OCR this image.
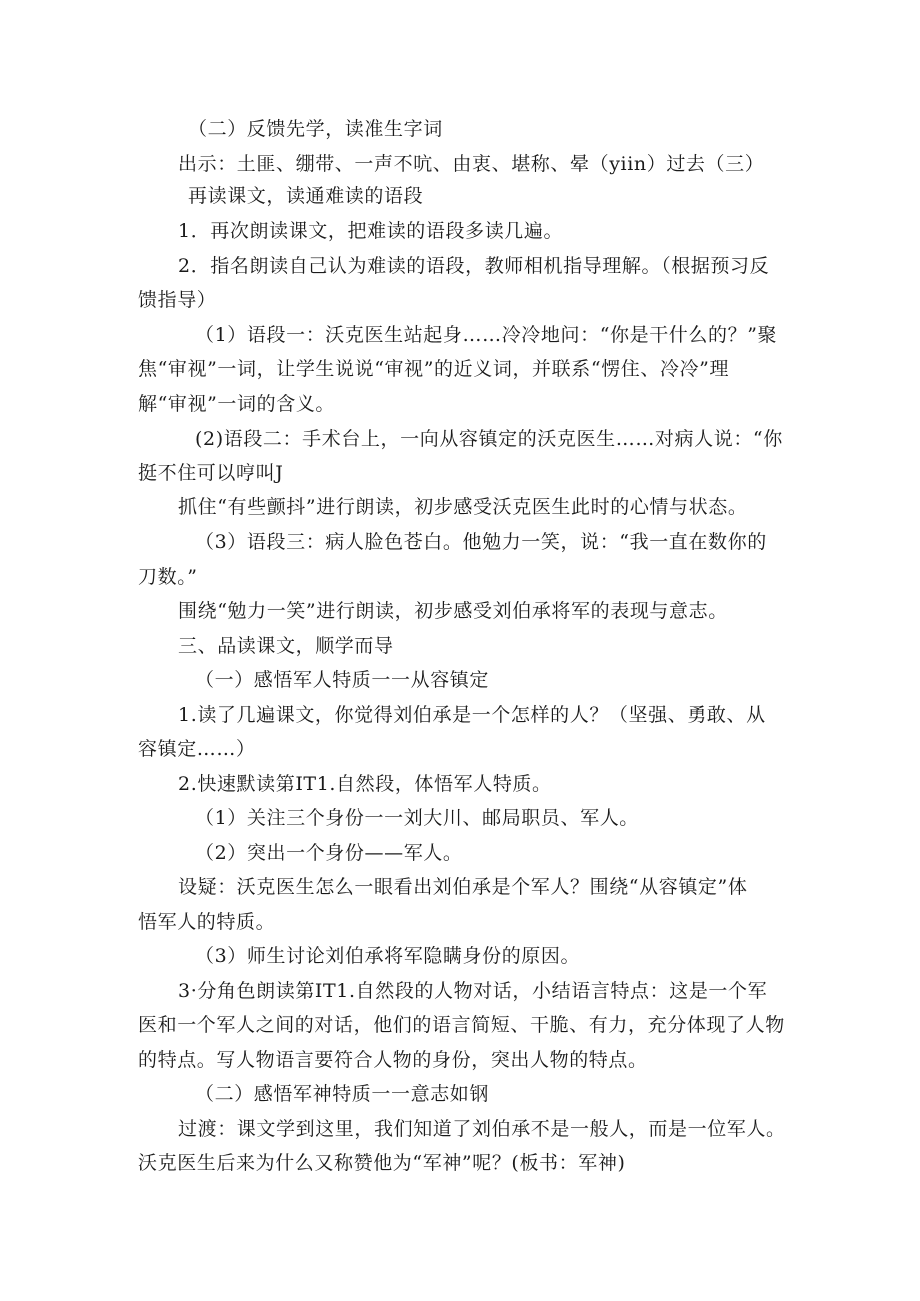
（二）反馈先学，读准生字词

出示：土匪、绷带、一声不吭、由衷、堪称、晕（yiin）过去（三）

再读课文，读通难读的语段

1．再次朗读课文，把难读的语段多读几遍。

2．指名朗读自己认为难读的语段，教师相机指导理解。（根据预习反

馈指导）

（1）语段一：沃克医生站起身……冷冷地问：“你是干什么的？”聚

焦“审视”一词，让学生说说“审视”的近义词，并联系“愣住、冷冷”理

解“审视”一词的含义。

(2)语段二：手术台上，一向从容镇定的沃克医生……对病人说：“你

挺不住可以哼叫J

抓住“有些颤抖”进行朗读，初步感受沃克医生此时的心情与状态。

（3）语段三：病人脸色苍白。他勉力一笑，说：“我一直在数你的

刀数。”

围绕“勉力一笑”进行朗读，初步感受刘伯承将军的表现与意志。

三、品读课文，顺学而导

（一）感悟军人特质一一从容镇定

1.读了几遍课文，你觉得刘伯承是一个怎样的人？（坚强、勇敢、从

容镇定……）

2.快速默读第IT1.自然段，体悟军人特质。

（1）关注三个身份一一刘大川、邮局职员、军人。

（2）突出一个身份——军人。

设疑：沃克医生怎么一眼看出刘伯承是个军人？围绕“从容镇定”体

悟军人的特质。

（3）师生讨论刘伯承将军隐瞒身份的原因。

3·分角色朗读第IT1.自然段的人物对话，小结语言特点：这是一个军

医和一个军人之间的对话，他们的语言简短、干脆、有力，充分体现了人物

的特点。写人物语言要符合人物的身份，突出人物的特点。

（二）感悟军神特质一一意志如钢

过渡：课文学到这里，我们知道了刘伯承不是一般人，而是一位军人。

沃克医生后来为什么又称赞他为“军神”呢？(板书：军神)
